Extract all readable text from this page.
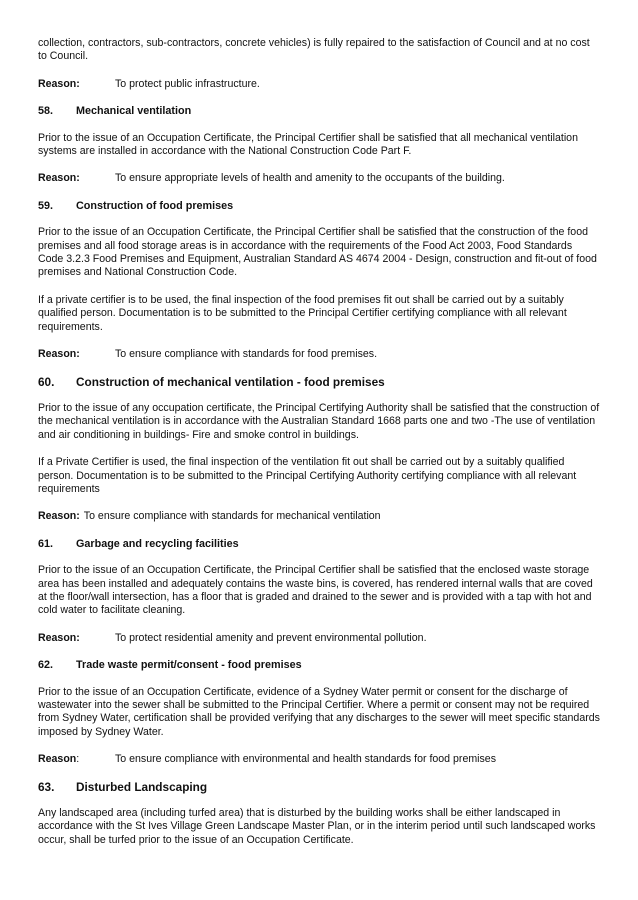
collection, contractors, sub-contractors, concrete vehicles) is fully repaired to the satisfaction of Council and at no cost to Council.

Reason:	To protect public infrastructure.
58.	Mechanical ventilation

Prior to the issue of an Occupation Certificate, the Principal Certifier shall be satisfied that all mechanical ventilation systems are installed in accordance with the National Construction Code Part F.

Reason:	To ensure appropriate levels of health and amenity to the occupants of the building.
59.	Construction of food premises

Prior to the issue of an Occupation Certificate, the Principal Certifier shall be satisfied that the construction of the food premises and all food storage areas is in accordance with the requirements of the Food Act 2003, Food Standards Code 3.2.3 Food Premises and Equipment, Australian Standard AS 4674 2004 - Design, construction and fit-out of food premises and National Construction Code.

If a private certifier is to be used, the final inspection of the food premises fit out shall be carried out by a suitably qualified person. Documentation is to be submitted to the Principal Certifier certifying compliance with all relevant requirements.

Reason:	To ensure compliance with standards for food premises.
60.	Construction of mechanical ventilation - food premises

Prior to the issue of any occupation certificate, the Principal Certifying Authority shall be satisfied that the construction of the mechanical ventilation is in accordance with the Australian Standard 1668 parts one and two -The use of ventilation and air conditioning in buildings- Fire and smoke control in buildings.

If a Private Certifier is used, the final inspection of the ventilation fit out shall be carried out by a suitably qualified person. Documentation is to be submitted to the Principal Certifying Authority certifying compliance with all relevant requirements

Reason: To ensure compliance with standards for mechanical ventilation
61.	Garbage and recycling facilities

Prior to the issue of an Occupation Certificate, the Principal Certifier shall be satisfied that the enclosed waste storage area has been installed and adequately contains the waste bins, is covered, has rendered internal walls that are coved at the floor/wall intersection, has a floor that is graded and drained to the sewer and is provided with a tap with hot and cold water to facilitate cleaning.

Reason:	To protect residential amenity and prevent environmental pollution.
62.	Trade waste permit/consent - food premises

Prior to the issue of an Occupation Certificate, evidence of a Sydney Water permit or consent for the discharge of wastewater into the sewer shall be submitted to the Principal Certifier. Where a permit or consent may not be required from Sydney Water, certification shall be provided verifying that any discharges to the sewer will meet specific standards imposed by Sydney Water.

Reason:	To ensure compliance with environmental and health standards for food premises
63.	Disturbed Landscaping

Any landscaped area (including turfed area) that is disturbed by the building works shall be either landscaped in accordance with the St Ives Village Green Landscape Master Plan, or in the interim period until such landscaped works occur, shall be turfed prior to the issue of an Occupation Certificate.
